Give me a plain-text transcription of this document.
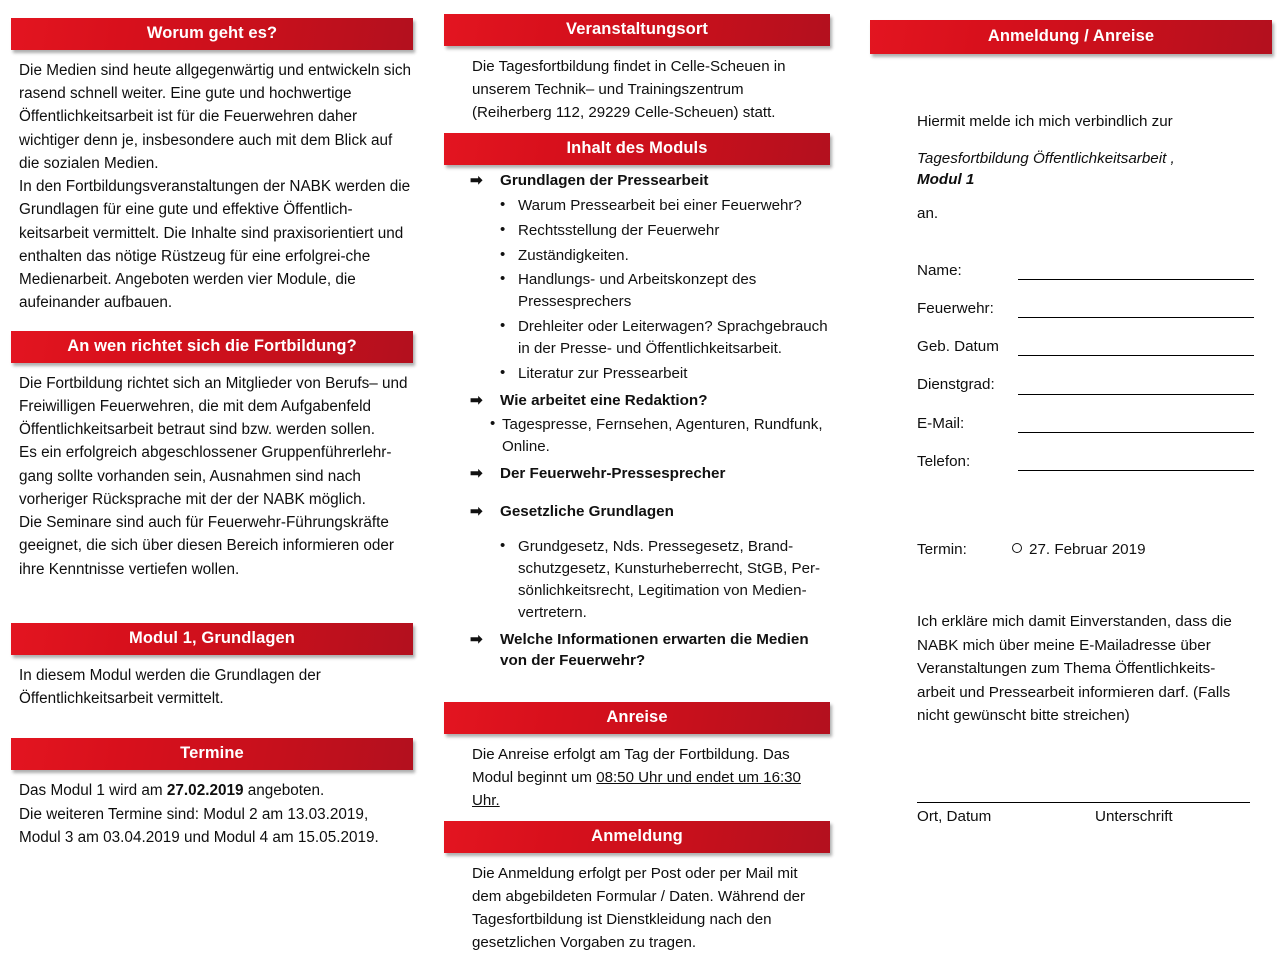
Worum geht es?

Die Medien sind heute allgegenwärtig und entwickeln sich rasend schnell weiter. Eine gute und hochwertige Öffentlichkeitsarbeit ist für die Feuerwehren daher wichtiger denn je, insbesondere auch mit dem Blick auf die sozialen Medien.

In den Fortbildungsveranstaltungen der NABK werden die Grundlagen für eine gute und effektive Öffentlich-keitsarbeit vermittelt. Die Inhalte sind praxisorientiert und enthalten das nötige Rüstzeug für eine erfolgrei-che Medienarbeit. Angeboten werden vier Module, die aufeinander aufbauen.

An wen richtet sich die Fortbildung?

Die Fortbildung richtet sich an Mitglieder von Berufs– und Freiwilligen Feuerwehren, die mit dem Aufgabenfeld Öffentlichkeitsarbeit betraut sind bzw. werden sollen.

Es ein erfolgreich abgeschlossener Gruppenführerlehr-gang sollte vorhanden sein, Ausnahmen sind nach vorheriger Rücksprache mit der der NABK möglich.

Die Seminare sind auch für Feuerwehr-Führungskräfte geeignet, die sich über diesen Bereich informieren oder ihre Kenntnisse vertiefen wollen.

Modul 1, Grundlagen

In diesem Modul werden die Grundlagen der Öffentlichkeitsarbeit vermittelt.

Termine

Das Modul 1 wird am 27.02.2019 angeboten.

Die weiteren Termine sind: Modul 2 am 13.03.2019, Modul 3 am 03.04.2019 und Modul 4 am 15.05.2019.

Veranstaltungsort

Die Tagesfortbildung findet in Celle-Scheuen in unserem Technik– und Trainingszentrum (Reiherberg 112, 29229 Celle-Scheuen) statt.

Inhalt des Moduls
➡ Grundlagen der Pressearbeit
• Warum Pressearbeit bei einer Feuerwehr?
• Rechtsstellung der Feuerwehr
• Zuständigkeiten.
• Handlungs- und Arbeitskonzept des Pressesprechers
• Drehleiter oder Leiterwagen? Sprachgebrauch in der Presse- und Öffentlichkeitsarbeit.
• Literatur zur Pressearbeit
➡ Wie arbeitet eine Redaktion?
• Tagespresse, Fernsehen, Agenturen, Rundfunk, Online.
➡ Der Feuerwehr-Pressesprecher
➡ Gesetzliche Grundlagen
• Grundgesetz, Nds. Pressegesetz, Brand-schutzgesetz, Kunsturheberrecht, StGB, Per-sönlichkeitsrecht, Legitimation von Medien-vertretern.
➡ Welche Informationen erwarten die Medien von der Feuerwehr?
Anreise

Die Anreise erfolgt am Tag der Fortbildung. Das Modul beginnt um 08:50 Uhr und endet um 16:30 Uhr.

Anmeldung

Die Anmeldung erfolgt per Post oder per Mail mit dem abgebildeten Formular / Daten. Während der Tagesfortbildung ist Dienstkleidung nach den gesetzlichen Vorgaben zu tragen.

Anmeldung / Anreise

Hiermit melde ich mich verbindlich zur

Tagesfortbildung Öffentlichkeitsarbeit ,

Modul 1

an.

Name:
Feuerwehr:
Geb. Datum
Dienstgrad:
E-Mail:
Telefon:
Termin:	27. Februar 2019

Ich erkläre mich damit Einverstanden, dass die NABK mich über meine E-Mailadresse über Veranstaltungen zum Thema Öffentlichkeits-arbeit und Pressearbeit informieren darf. (Falls nicht gewünscht bitte streichen)

Ort, Datum	Unterschrift
